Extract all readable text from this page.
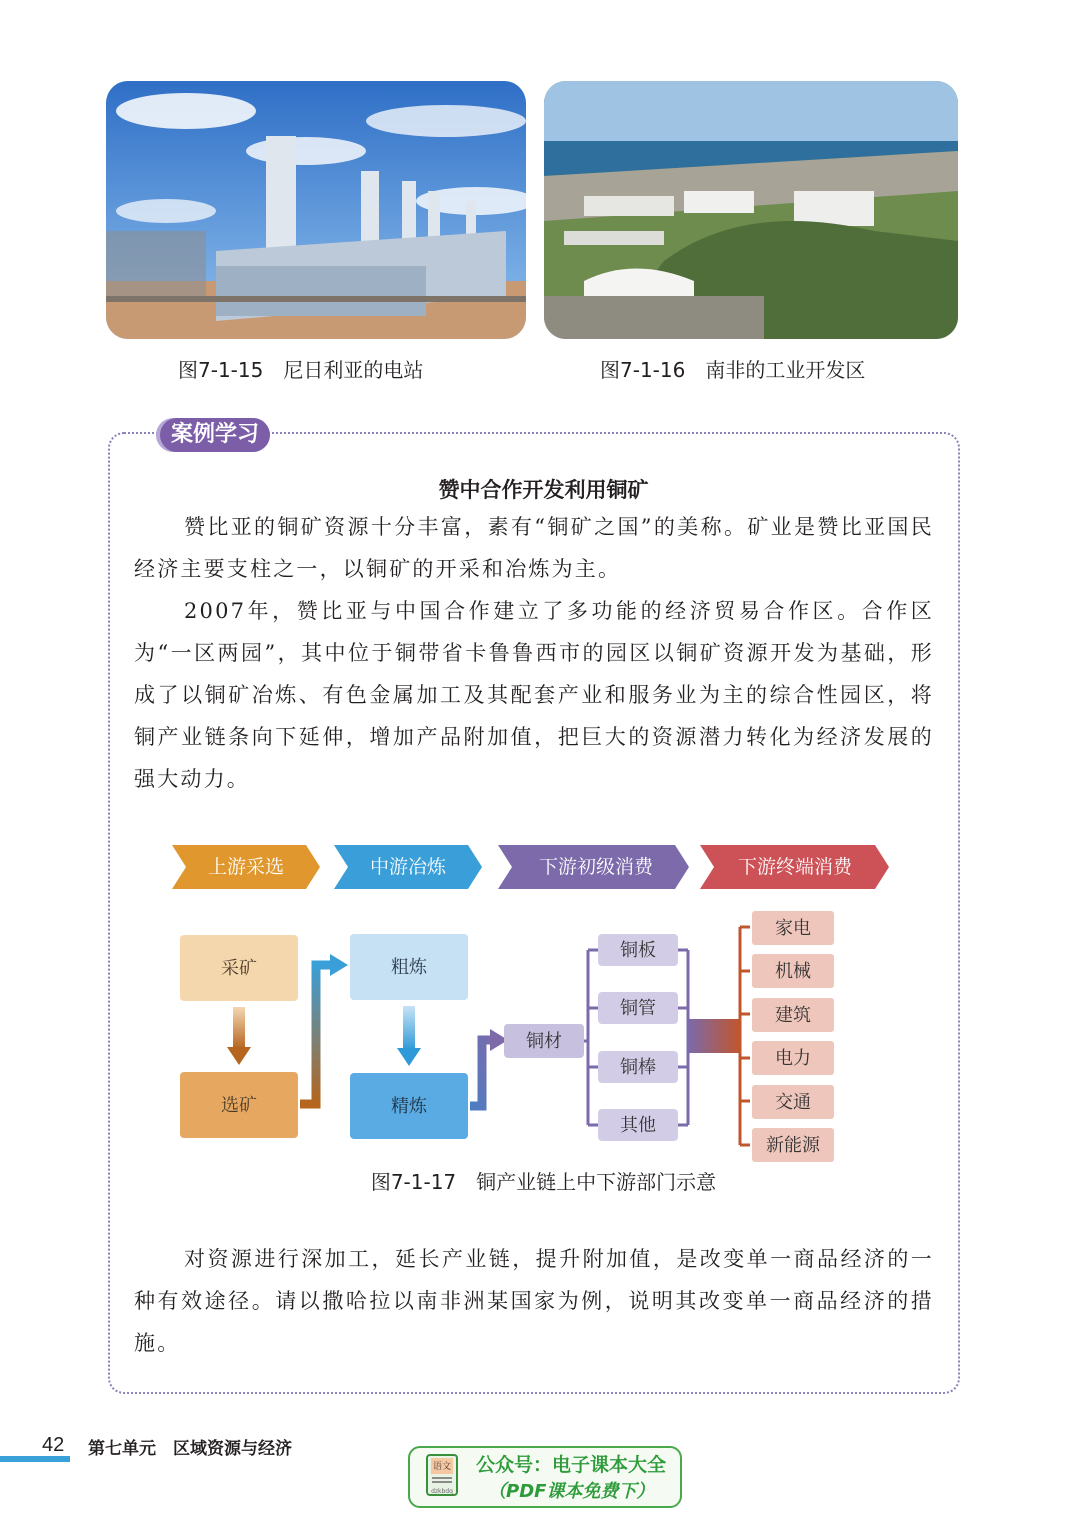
图7-1-15　尼日利亚的电站	图7-1-16　南非的工业开发区
案例学习
赞中合作开发利用铜矿

赞比亚的铜矿资源十分丰富，素有“铜矿之国”的美称。矿业是赞比亚国民经济主要支柱之一，以铜矿的开采和冶炼为主。

2007年，赞比亚与中国合作建立了多功能的经济贸易合作区。合作区为“一区两园”，其中位于铜带省卡鲁鲁西市的园区以铜矿资源开发为基础，形成了以铜矿冶炼、有色金属加工及其配套产业和服务业为主的综合性园区，将铜产业链条向下延伸，增加产品附加值，把巨大的资源潜力转化为经济发展的强大动力。

上游采选	中游冶炼	下游初级消费	下游终端消费
采矿
选矿
粗炼
精炼
铜材
铜板
铜管
铜棒
其他
家电
机械
建筑
电力
交通
新能源
图7-1-17　铜产业链上中下游部门示意

对资源进行深加工，延长产业链，提升附加值，是改变单一商品经济的一种有效途径。请以撒哈拉以南非洲某国家为例，说明其改变单一商品经济的措施。

42 第七单元　区域资源与经济
dzkbdq
语文 公众号：电子课本大全
（PDF课本免费下）
